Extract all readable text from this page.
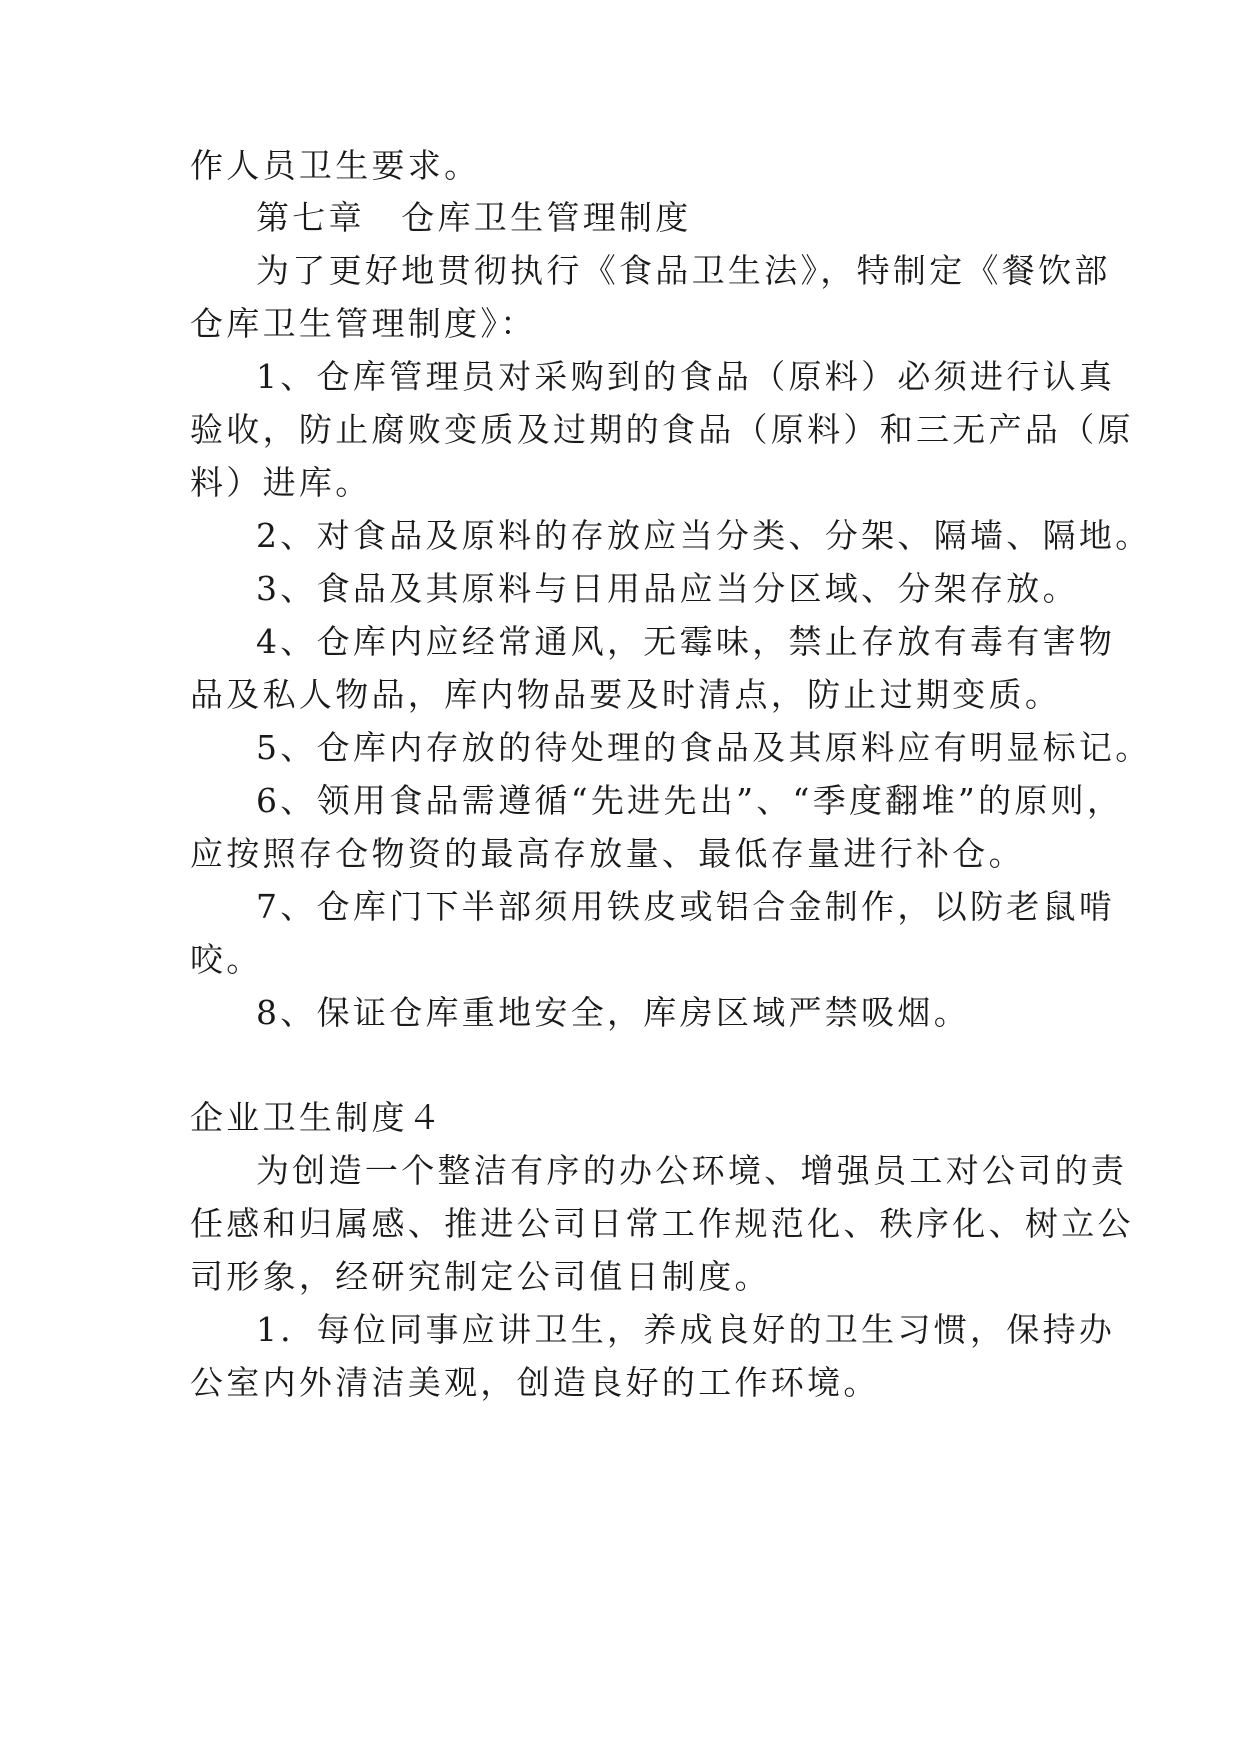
作人员卫生要求。

第七章　仓库卫生管理制度

为了更好地贯彻执行《食品卫生法》，特制定《餐饮部

仓库卫生管理制度》：

1、仓库管理员对采购到的食品（原料）必须进行认真

验收，防止腐败变质及过期的食品（原料）和三无产品（原

料）进库。

2、对食品及原料的存放应当分类、分架、隔墙、隔地。

3、食品及其原料与日用品应当分区域、分架存放。

4、仓库内应经常通风，无霉味，禁止存放有毒有害物

品及私人物品，库内物品要及时清点，防止过期变质。

5、仓库内存放的待处理的食品及其原料应有明显标记。

6、领用食品需遵循“先进先出”、“季度翻堆”的原则，

应按照存仓物资的最高存放量、最低存量进行补仓。

7、仓库门下半部须用铁皮或铝合金制作，以防老鼠啃

咬。

8、保证仓库重地安全，库房区域严禁吸烟。

企业卫生制度４

为创造一个整洁有序的办公环境、增强员工对公司的责

任感和归属感、推进公司日常工作规范化、秩序化、树立公

司形象，经研究制定公司值日制度。

1．每位同事应讲卫生，养成良好的卫生习惯，保持办

公室内外清洁美观，创造良好的工作环境。
